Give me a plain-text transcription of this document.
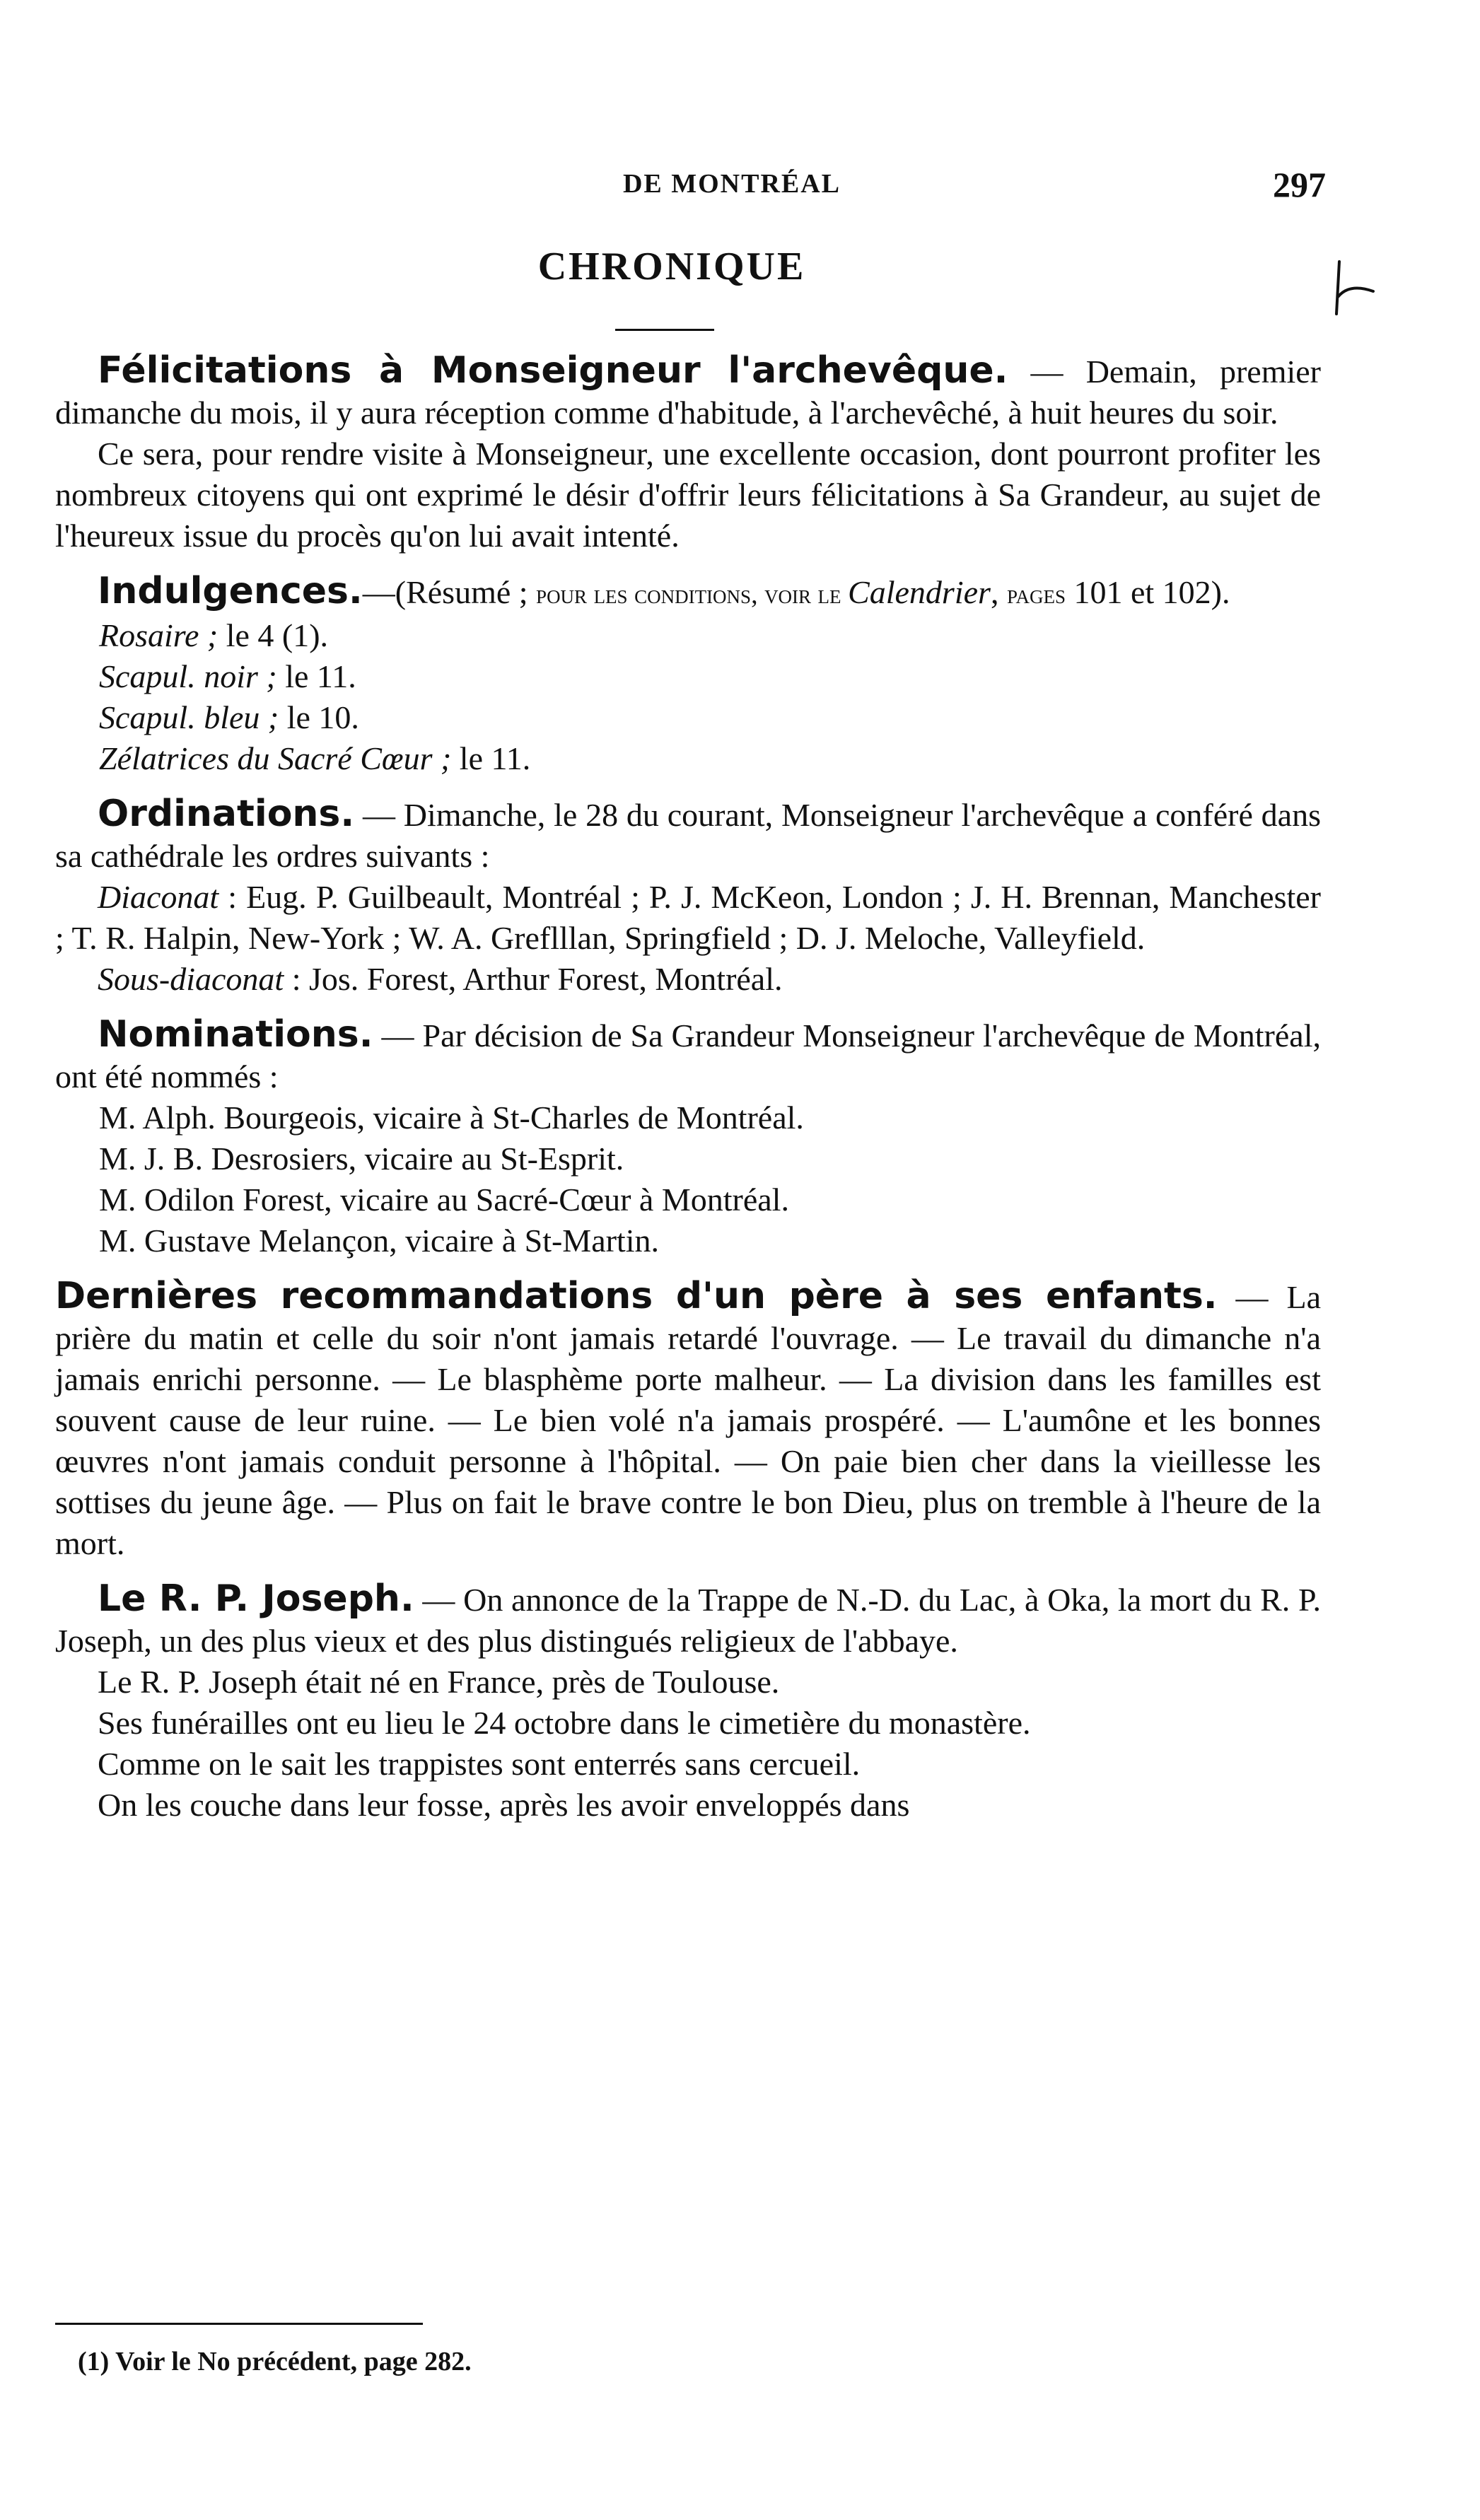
DE MONTRÉAL	297
CHRONIQUE

Félicitations à Monseigneur l'archevêque. — Demain, premier dimanche du mois, il y aura réception comme d'habitude, à l'archevêché, à huit heures du soir.

Ce sera, pour rendre visite à Monseigneur, une excellente occasion, dont pourront profiter les nombreux citoyens qui ont exprimé le désir d'offrir leurs félicitations à Sa Grandeur, au sujet de l'heureux issue du procès qu'on lui avait intenté.

Indulgences.—(Résumé ; pour les conditions, voir le Calendrier, pages 101 et 102).

Rosaire ; le 4 (1).
Scapul. noir ; le 11.
Scapul. bleu ; le 10.
Zélatrices du Sacré Cœur ; le 11.

Ordinations. — Dimanche, le 28 du courant, Monseigneur l'archevêque a conféré dans sa cathédrale les ordres suivants :

Diaconat : Eug. P. Guilbeault, Montréal ; P. J. McKeon, London ; J. H. Brennan, Manchester ; T. R. Halpin, New-York ; W. A. Greflllan, Springfield ; D. J. Meloche, Valleyfield.

Sous-diaconat : Jos. Forest, Arthur Forest, Montréal.

Nominations. — Par décision de Sa Grandeur Monseigneur l'archevêque de Montréal, ont été nommés :

M. Alph. Bourgeois, vicaire à St-Charles de Montréal.
M. J. B. Desrosiers, vicaire au St-Esprit.
M. Odilon Forest, vicaire au Sacré-Cœur à Montréal.
M. Gustave Melançon, vicaire à St-Martin.

Dernières recommandations d'un père à ses enfants. — La prière du matin et celle du soir n'ont jamais retardé l'ouvrage. — Le travail du dimanche n'a jamais enrichi personne. — Le blasphème porte malheur. — La division dans les familles est souvent cause de leur ruine. — Le bien volé n'a jamais prospéré. — L'aumône et les bonnes œuvres n'ont jamais conduit personne à l'hôpital. — On paie bien cher dans la vieillesse les sottises du jeune âge. — Plus on fait le brave contre le bon Dieu, plus on tremble à l'heure de la mort.

Le R. P. Joseph. — On annonce de la Trappe de N.-D. du Lac, à Oka, la mort du R. P. Joseph, un des plus vieux et des plus distingués religieux de l'abbaye.

Le R. P. Joseph était né en France, près de Toulouse.

Ses funérailles ont eu lieu le 24 octobre dans le cimetière du monastère.

Comme on le sait les trappistes sont enterrés sans cercueil.

On les couche dans leur fosse, après les avoir enveloppés dans

(1) Voir le No précédent, page 282.
